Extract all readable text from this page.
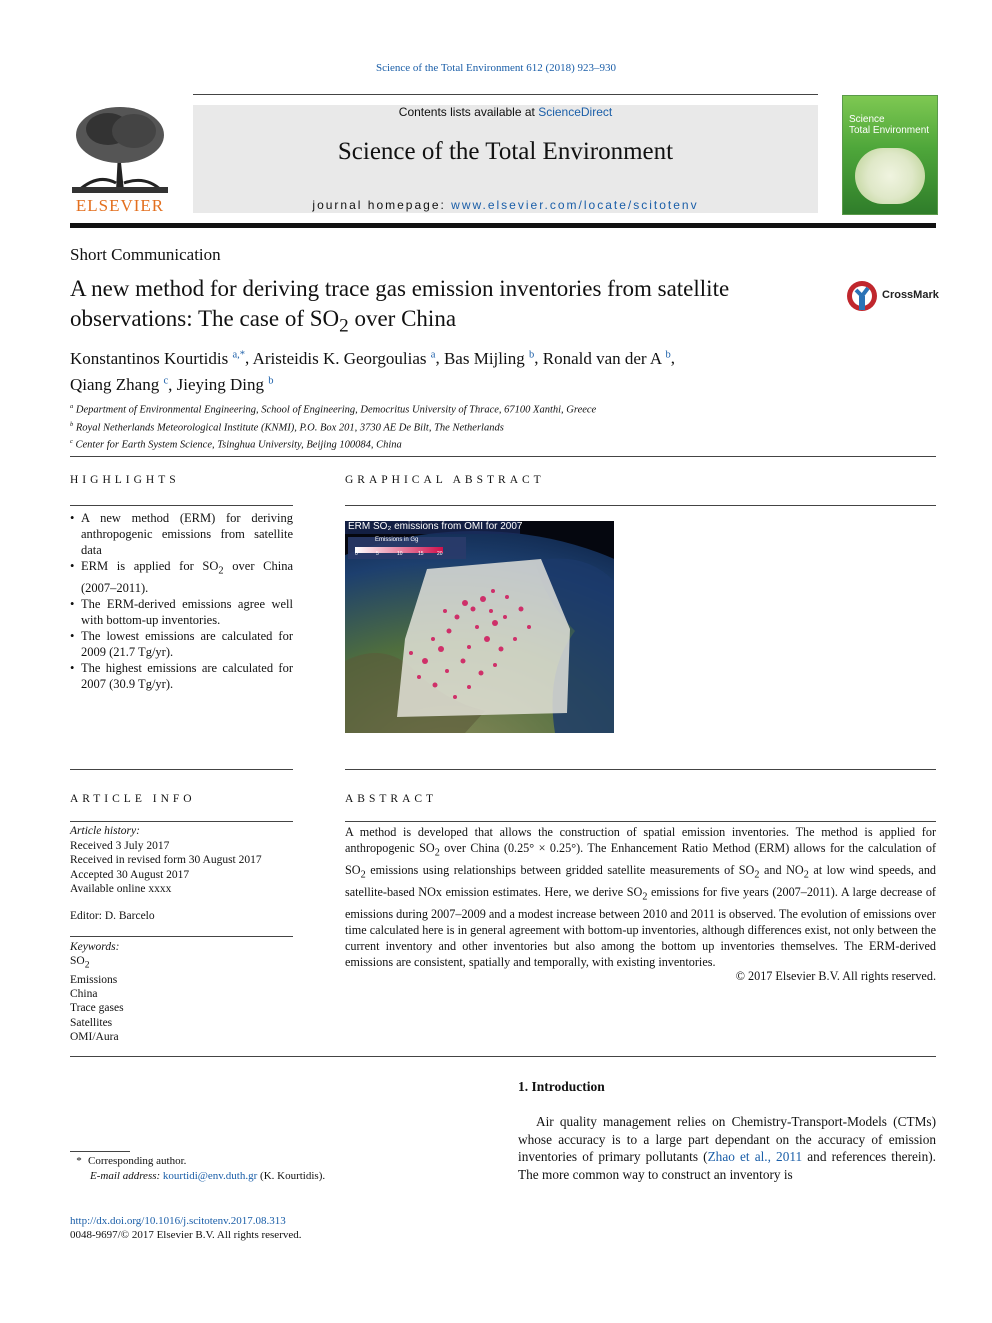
Science of the Total Environment 612 (2018) 923–930
ELSEVIER
Contents lists available at ScienceDirect
Science of the Total Environment
journal homepage: www.elsevier.com/locate/scitotenv
Science
Total Environment
Short Communication
A new method for deriving trace gas emission inventories from satellite
observations: The case of $SO_2$ over China
CrossMark
Konstantinos Kourtidis $^{a,*}$, Aristeidis K. Georgoulias $^a$, Bas Mijling $^b$, Ronald van der A $^b$,
Qiang Zhang $^c$, Jieying Ding $^b$
$^a$ Department of Environmental Engineering, School of Engineering, Democritus University of Thrace, 67100 Xanthi, Greece
$^b$ Royal Netherlands Meteorological Institute (KNMI), P.O. Box 201, 3730 AE De Bilt, The Netherlands
$^c$ Center for Earth System Science, Tsinghua University, Beijing 100084, China
HIGHLIGHTS
• A new method (ERM) for deriving anthropogenic emissions from satellite data
• ERM is applied for $SO_2$ over China (2007–2011).
• The ERM-derived emissions agree well with bottom-up inventories.
• The lowest emissions are calculated for 2009 (21.7 Tg/yr).
• The highest emissions are calculated for 2007 (30.9 Tg/yr).
GRAPHICAL ABSTRACT
ERM SO₂ emissions from OMI for 2007
Emissions in Gg
0	5	10	15	20
ARTICLE INFO
Article history:
Received 3 July 2017
Received in revised form 30 August 2017
Accepted 30 August 2017
Available online xxxx
Editor: D. Barcelo
Keywords:
$SO_2$
Emissions
China
Trace gases
Satellites
OMI/Aura
ABSTRACT
A method is developed that allows the construction of spatial emission inventories. The method is applied for anthropogenic $SO_2$ over China (0.25° × 0.25°). The Enhancement Ratio Method (ERM) allows for the calculation of $SO_2$ emissions using relationships between gridded satellite measurements of $SO_2$ and $NO_2$ at low wind speeds, and satellite-based NOx emission estimates. Here, we derive $SO_2$ emissions for five years (2007–2011). A large decrease of emissions during 2007–2009 and a modest increase between 2010 and 2011 is observed. The evolution of emissions over time calculated here is in general agreement with bottom-up inventories, although differences exist, not only between the current inventory and other inventories but also among the bottom up inventories themselves. The ERM-derived emissions are consistent, spatially and temporally, with existing inventories.
© 2017 Elsevier B.V. All rights reserved.
1. Introduction
Air quality management relies on Chemistry-Transport-Models (CTMs) whose accuracy is to a large part dependant on the accuracy of emission inventories of primary pollutants (Zhao et al., 2011 and references therein). The more common way to construct an inventory is
* Corresponding author.
E-mail address: kourtidi@env.duth.gr (K. Kourtidis).
http://dx.doi.org/10.1016/j.scitotenv.2017.08.313
0048-9697/© 2017 Elsevier B.V. All rights reserved.
